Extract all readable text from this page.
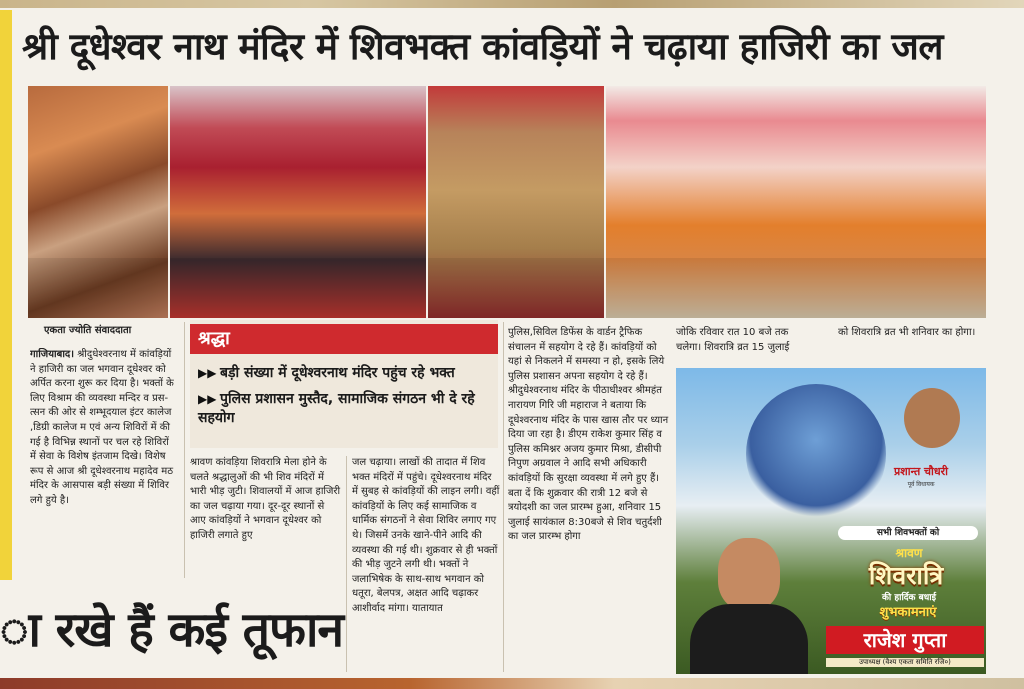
श्री दूधेश्वर नाथ मंदिर में शिवभक्त कांवड़ियों ने चढ़ाया हाजिरी का जल
एकता ज्योति संवाददाता
गाजियाबाद। श्रीदुधेश्वरनाथ में कांवड़ियों ने हाजिरी का जल भगवान दूधेश्वर को अर्पित करना शुरू कर दिया है। भक्तों के लिए विश्राम की व्यवस्था मन्दिर व प्रस-त्सन की ओर से शम्भूदयाल इंटर कालेज ,डिग्री कालेज म एवं अन्य शिविरों में की गई है विभिन्न स्थानों पर चल रहे शिविरों में सेवा के विशेष इंतजाम दिखे। विशेष रूप से आज श्री दूधेश्वरनाथ महादेव मठ मंदिर के आसपास बड़ी संख्या में शिविर लगे हुये है।
श्रद्धा
▶▶ बड़ी संख्या में दूधेश्वरनाथ मंदिर पहुंच रहे भक्त
▶▶ पुलिस प्रशासन मुस्तैद, सामाजिक संगठन भी दे रहे सहयोग
श्रावण कांवड़िया शिवरात्रि मेला होने के चलते श्रद्धालुओं की भी शिव मंदिरों में भारी भीड़ जुटी। शिवालयों में आज हाजिरी का जल चढ़ाया गया। दूर-दूर स्थानों से आए कांवड़ियों ने भगवान दूधेश्वर को हाजिरी लगाते हुए
जल चढ़ाया। लाखों की तादात में शिव भक्त मंदिरों में पहुंचे। दूधेश्वरनाथ मंदिर में सुबह से कांवड़ियों की लाइन लगी। वहीं कांवड़ियों के लिए कई सामाजिक व धार्मिक संगठनों ने सेवा शिविर लगाए गए थे। जिसमें उनके खाने-पीने आदि की व्यवस्था की गई थी। शुक्रवार से ही भक्तों की भीड़ जुटने लगी थी। भक्तों ने जलाभिषेक के साथ-साथ भगवान को धतूरा, बेलपत्र, अक्षत आदि चढ़ाकर आशीर्वाद मांगा। यातायात
पुलिस,सिविल डिफेंस के वार्डन ट्रैफिक संचालन में सहयोग दे रहे हैं। कांवड़ियों को यहां से निकलने में समस्या न हो, इसके लिये पुलिस प्रशासन अपना सहयोग दे रहे हैं। श्रीदुधेश्वरनाथ मंदिर के पीठाधीश्वर श्रीमहंत नारायण गिरि जी महाराज ने बताया कि दूधेश्वरनाथ मंदिर के पास खास तौर पर ध्यान दिया जा रहा है। डीएम राकेश कुमार सिंह व पुलिस कमिश्नर अजय कुमार मिश्रा, डीसीपी निपुण अग्रवाल ने आदि सभी अधिकारी कांवड़ियों कि सुरक्षा व्यवस्था में लगे हुए हैं। बता दें कि शुक्रवार की रात्री 12 बजे से त्रयोदशी का जल प्रारम्भ हुआ, शनिवार 15 जुलाई सायंकाल 8:30बजे से शिव चतुर्दशी का जल प्रारम्भ होगा
जोकि रविवार रात 10 बजे तक चलेगा। शिवरात्रि व्रत 15 जुलाई
को शिवरात्रि व्रत भी शनिवार का होगा।
प्रशान्त चौधरी
पूर्व विधायक
सभी शिवभक्तों को
श्रावण
शिवरात्रि
की हार्दिक बधाई
शुभकामनाएं
राजेश गुप्ता
उपाध्यक्ष (वैश्य एकता समिति रजि०)
ा रखे हैं कई तूफान
